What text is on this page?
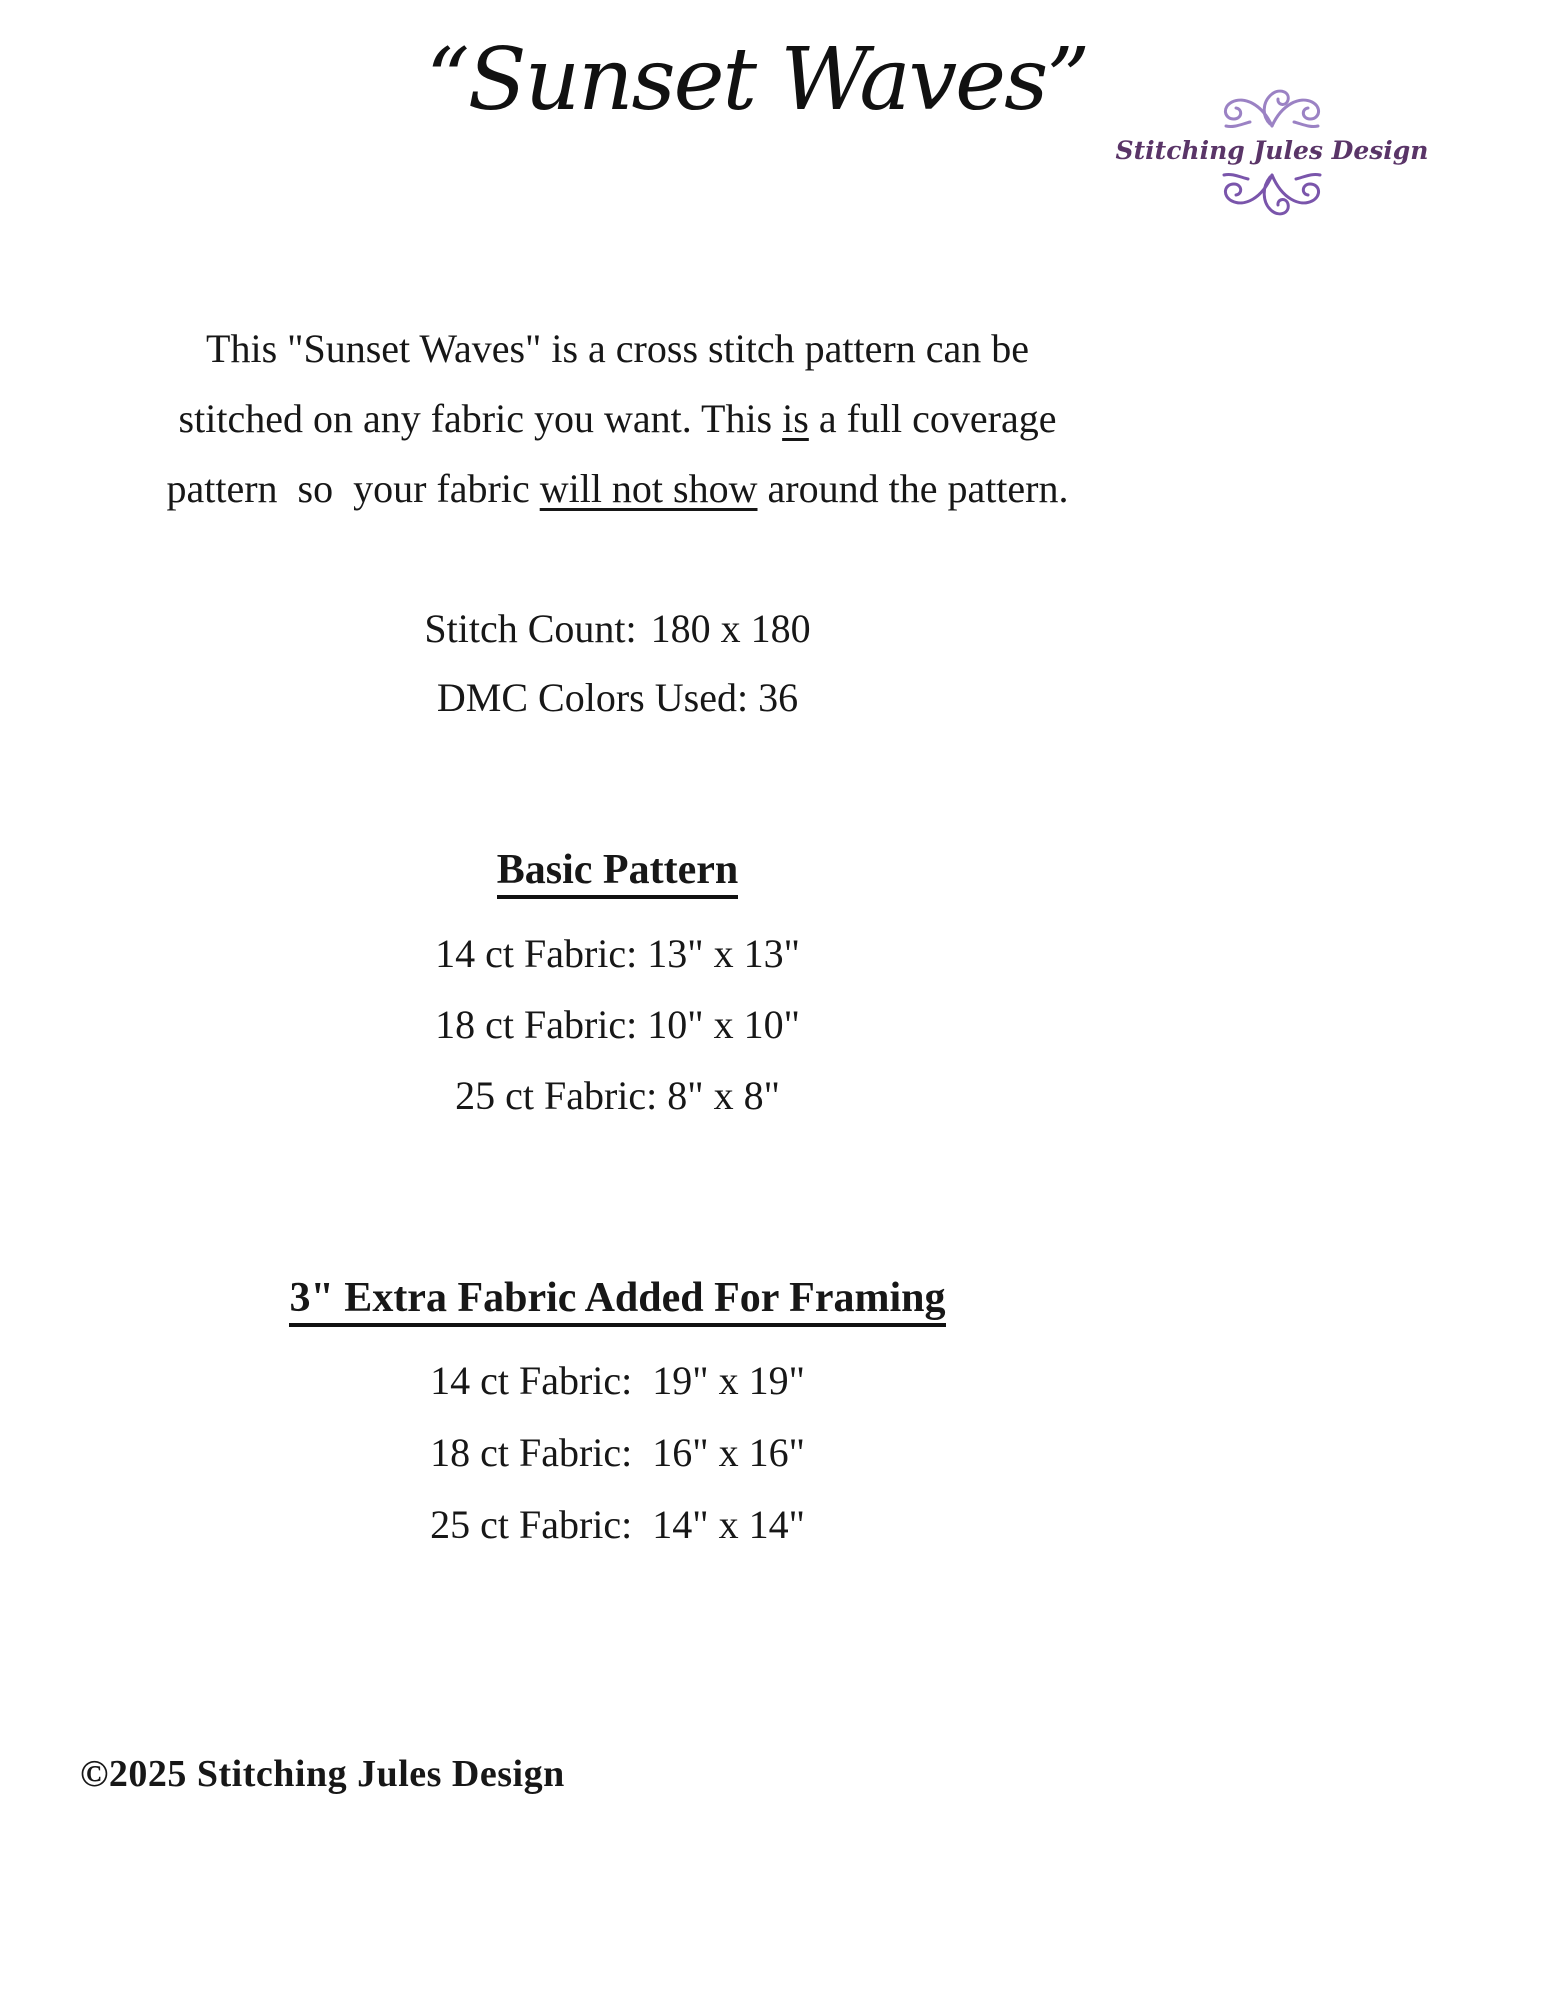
“Sunset Waves”
Stitching Jules Design
This "Sunset Waves" is a cross stitch pattern can be
stitched on any fabric you want. This is a full coverage
pattern  so  your fabric will not show around the pattern.
Stitch Count: 180 x 180
DMC Colors Used: 36
Basic Pattern
14 ct Fabric: 13" x 13"
18 ct Fabric: 10" x 10"
25 ct Fabric: 8" x 8"
3" Extra Fabric Added For Framing
14 ct Fabric:  19" x 19"
18 ct Fabric:  16" x 16"
25 ct Fabric:  14" x 14"
©2025 Stitching Jules Design
